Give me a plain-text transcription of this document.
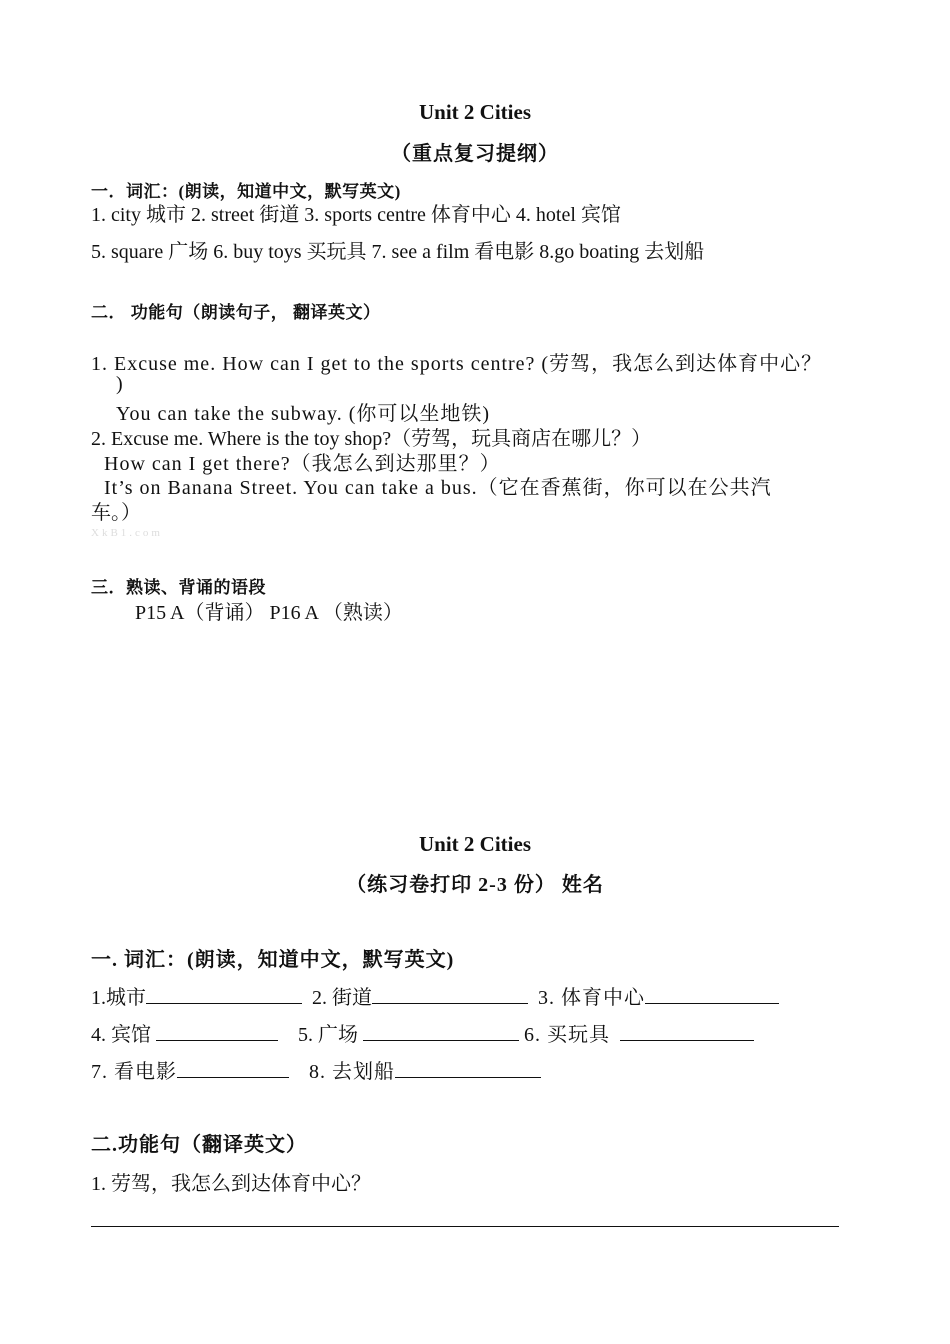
Unit 2 Cities
（重点复习提纲）
一．词汇：(朗读，知道中文，默写英文)
1. city 城市 2. street 街道 3. sports centre 体育中心 4. hotel 宾馆
5. square 广场 6. buy toys 买玩具 7. see a film 看电影 8.go boating 去划船
二． 功能句（朗读句子， 翻译英文）
1. Excuse me. How can I get to the sports centre? (劳驾，我怎么到达体育中心？
)
You can take the subway. (你可以坐地铁)
2. Excuse me. Where is the toy shop?（劳驾，玩具商店在哪儿？）
How can I get there?（我怎么到达那里？）
It’s on Banana Street. You can take a bus.（它在香蕉街，你可以在公共汽
车。）
XkB1.com
三．熟读、背诵的语段
P15 A（背诵） P16 A （熟读）
Unit 2 Cities
（练习卷打印 2-3 份） 姓名
一. 词汇：(朗读，知道中文，默写英文)
1.城市	2. 街道	3. 体育中心
4. 宾馆	5. 广场	6. 买玩具
7. 看电影	8. 去划船
二.功能句（翻译英文）
1. 劳驾，我怎么到达体育中心？
